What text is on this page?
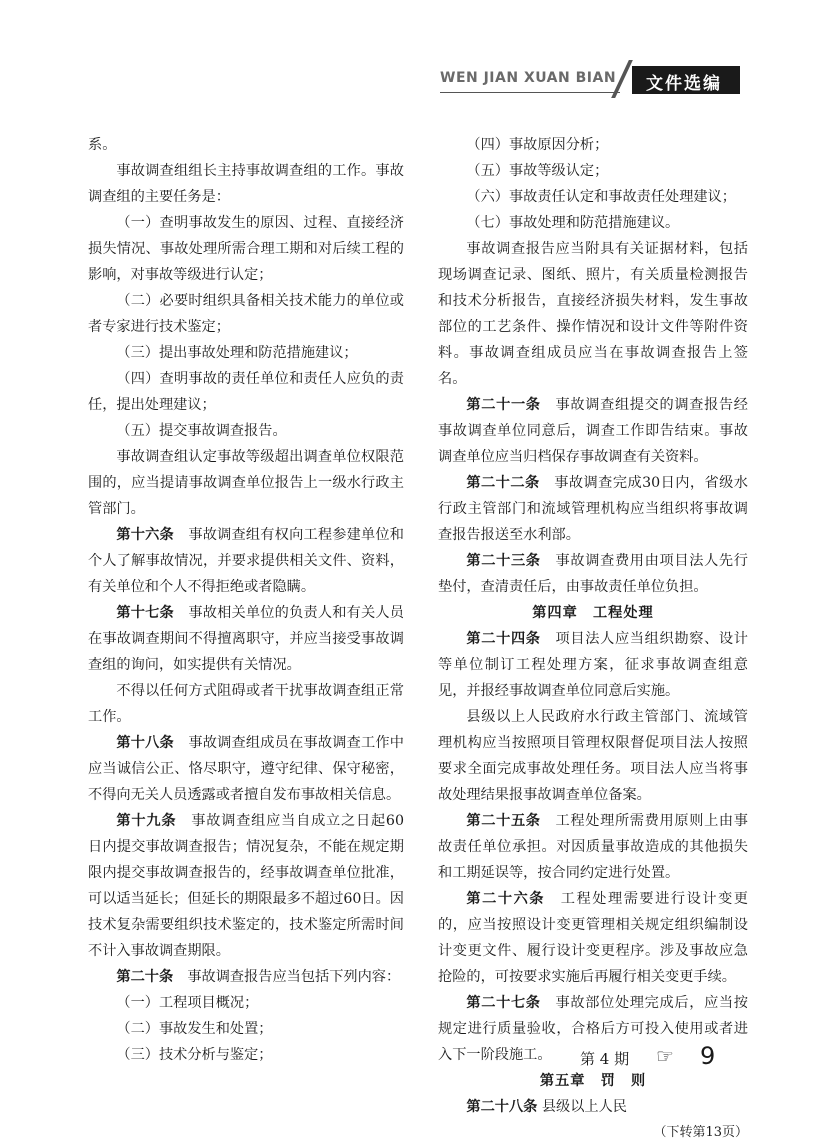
WEN JIAN XUAN BIAN 文件选编

系。

事故调查组组长主持事故调查组的工作。事故调查组的主要任务是：

（一）查明事故发生的原因、过程、直接经济损失情况、事故处理所需合理工期和对后续工程的影响，对事故等级进行认定；

（二）必要时组织具备相关技术能力的单位或者专家进行技术鉴定；

（三）提出事故处理和防范措施建议；

（四）查明事故的责任单位和责任人应负的责任，提出处理建议；

（五）提交事故调查报告。

事故调查组认定事故等级超出调查单位权限范围的，应当提请事故调查单位报告上一级水行政主管部门。

第十六条　事故调查组有权向工程参建单位和个人了解事故情况，并要求提供相关文件、资料，有关单位和个人不得拒绝或者隐瞒。

第十七条　事故相关单位的负责人和有关人员在事故调查期间不得擅离职守，并应当接受事故调查组的询问，如实提供有关情况。

不得以任何方式阻碍或者干扰事故调查组正常工作。

第十八条　事故调查组成员在事故调查工作中应当诚信公正、恪尽职守，遵守纪律、保守秘密，不得向无关人员透露或者擅自发布事故相关信息。

第十九条　事故调查组应当自成立之日起60日内提交事故调查报告；情况复杂，不能在规定期限内提交事故调查报告的，经事故调查单位批准，可以适当延长；但延长的期限最多不超过60日。因技术复杂需要组织技术鉴定的，技术鉴定所需时间不计入事故调查期限。

第二十条　事故调查报告应当包括下列内容：

（一）工程项目概况；

（二）事故发生和处置；

（三）技术分析与鉴定；

（四）事故原因分析；

（五）事故等级认定；

（六）事故责任认定和事故责任处理建议；

（七）事故处理和防范措施建议。

事故调查报告应当附具有关证据材料，包括现场调查记录、图纸、照片，有关质量检测报告和技术分析报告，直接经济损失材料，发生事故部位的工艺条件、操作情况和设计文件等附件资料。事故调查组成员应当在事故调查报告上签名。

第二十一条　事故调查组提交的调查报告经事故调查单位同意后，调查工作即告结束。事故调查单位应当归档保存事故调查有关资料。

第二十二条　事故调查完成30日内，省级水行政主管部门和流域管理机构应当组织将事故调查报告报送至水利部。

第二十三条　事故调查费用由项目法人先行垫付，查清责任后，由事故责任单位负担。

第四章　工程处理

第二十四条　项目法人应当组织勘察、设计等单位制订工程处理方案，征求事故调查组意见，并报经事故调查单位同意后实施。

县级以上人民政府水行政主管部门、流域管理机构应当按照项目管理权限督促项目法人按照要求全面完成事故处理任务。项目法人应当将事故处理结果报事故调查单位备案。

第二十五条　工程处理所需费用原则上由事故责任单位承担。对因质量事故造成的其他损失和工期延误等，按合同约定进行处置。

第二十六条　工程处理需要进行设计变更的，应当按照设计变更管理相关规定组织编制设计变更文件、履行设计变更程序。涉及事故应急抢险的，可按要求实施后再履行相关变更手续。

第二十七条　事故部位处理完成后，应当按规定进行质量验收，合格后方可投入使用或者进入下一阶段施工。

第五章　罚　则

第二十八条 县级以上人民
（下转第13页）

第 4 期 ☞ 9
